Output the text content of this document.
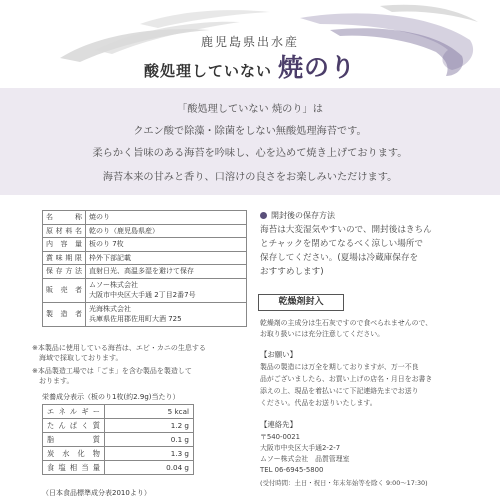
鹿児島県出水産
酸処理していない 焼のり
「酸処理していない 焼のり」は
クエン酸で除藻・除菌をしない無酸処理海苔です。
柔らかく旨味のある海苔を吟味し、心を込めて焼き上げております。
海苔本来の甘みと香り、口溶けの良さをお楽しみいただけます。
名　称	焼のり
原材料名	乾のり（鹿児島県産）
内 容 量	板のり 7枚
賞味期限	枠外下部記載
保存方法	直射日光、高温多湿を避けて保存
販 売 者	ムソー株式会社
大阪市中央区大手通 2丁目2番7号

製 造 者	光海株式会社
兵庫県佐用郡佐用町大酒 725
※本製品に使用している海苔は、エビ・カニの生息する
　海域で採取しております。
※本品製造工場では「ごま」を含む製品を製造して
　おります。
栄養成分表示（板のり1枚(約2.9g)当たり）
エネルギー	5 kcal
たんぱく質	1.2 g
脂　質	0.1 g
炭水化物	1.3 g
食塩相当量	0.04 g
（日本食品標準成分表2010より）
開封後の保存方法
海苔は大変湿気やすいので、開封後はきちん
とチャックを閉めてなるべく涼しい場所で
保存してください。(夏場は冷蔵庫保存を
おすすめします)
乾燥剤封入
乾燥剤の主成分は生石灰ですので食べられませんので、
お取り扱いには充分注意してください。
【お願い】
製品の製造には万全を期しておりますが、万一不良
品がございましたら、お買い上げの店名・月日をお書き
添えの上、現品を着払いにて下記連絡先までお送り
ください。代品をお送りいたします。
【連絡先】
〒540-0021
大阪市中央区大手通2-2-7
ムソー株式会社　品質管理室
TEL 06-6945-5800
(受付時間：土日・祝日・年末年始等を除く 9:00～17:30)
